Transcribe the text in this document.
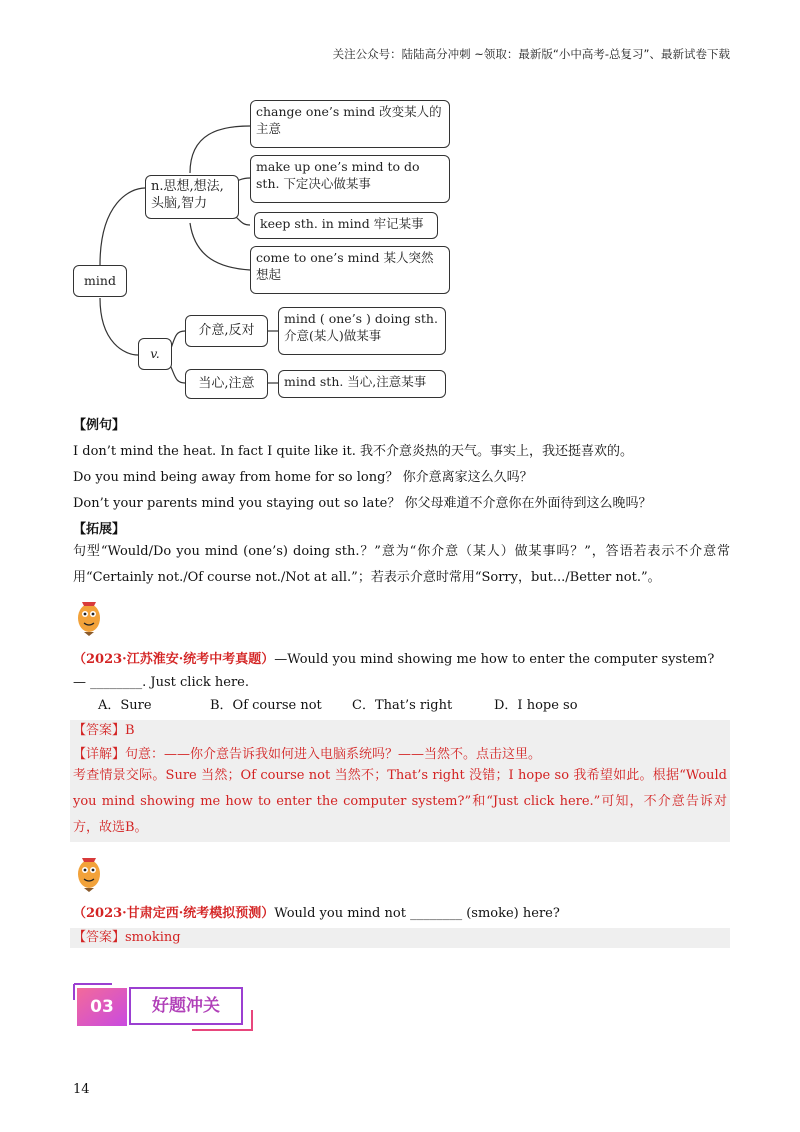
关注公众号：陆陆高分冲刺 ~领取：最新版“小中高考-总复习”、最新试卷下载
mind
n.思想,想法,头脑,智力
v.
change one’s mind 改变某人的主意
make up one’s mind to do sth. 下定决心做某事
keep sth. in mind 牢记某事
come to one’s mind 某人突然想起
介意,反对
当心,注意
mind ( one’s ) doing sth. 介意(某人)做某事
mind sth. 当心,注意某事
【例句】
I don’t mind the heat. In fact I quite like it. 我不介意炎热的天气。事实上，我还挺喜欢的。
Do you mind being away from home for so long？ 你介意离家这么久吗？
Don’t your parents mind you staying out so late？ 你父母难道不介意你在外面待到这么晚吗？
【拓展】
句型“Would/Do you mind (one’s) doing sth.？”意为“你介意（某人）做某事吗？”，答语若表示不介意常用“Certainly not./Of course not./Not at all.”；若表示介意时常用“Sorry，but.../Better not.”。
（2023·江苏淮安·统考中考真题）—Would you mind showing me how to enter the computer system?
— ________. Just click here.
A．Sure	B．Of course not C．That’s right	D．I hope so
【答案】B
【详解】句意：——你介意告诉我如何进入电脑系统吗？——当然不。点击这里。
考查情景交际。Sure 当然；Of course not 当然不；That’s right 没错；I hope so 我希望如此。根据“Would you mind showing me how to enter the computer system?”和“Just click here.”可知，不介意告诉对方，故选B。
（2023·甘肃定西·统考模拟预测）Would you mind not ________ (smoke) here?
【答案】smoking
03	好题冲关
14
